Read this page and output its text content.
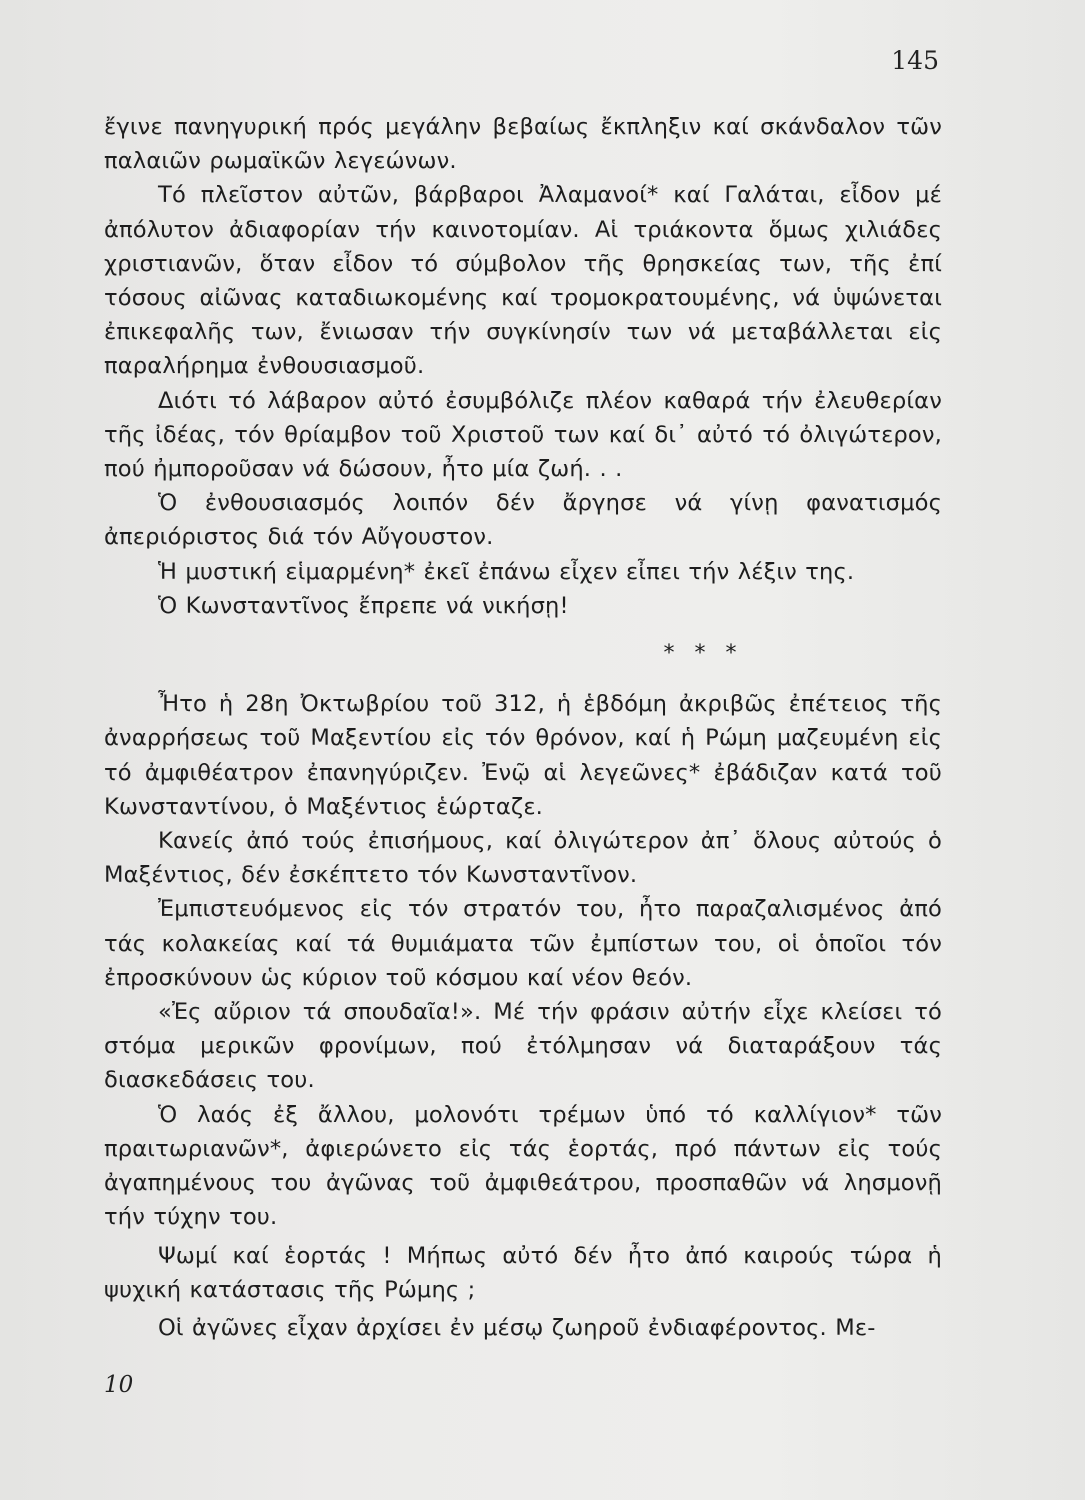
145

ἔγινε πανηγυρική πρός μεγάλην βεβαίως ἔκπληξιν καί σκάνδαλον τῶν παλαιῶν ρωμαϊκῶν λεγεώνων.

Τό πλεῖστον αὐτῶν, βάρβαροι Ἀλαμανοί* καί Γαλάται, εἶδον μέ ἀπόλυτον ἀδιαφορίαν τήν καινοτομίαν. Αἱ τριάκοντα ὅμως χιλιάδες χριστιανῶν, ὅταν εἶδον τό σύμβολον τῆς θρησκείας των, τῆς ἐπί τόσους αἰῶνας καταδιωκομένης καί τρομοκρατουμένης, νά ὑψώνεται ἐπικεφαλῆς των, ἔνιωσαν τήν συγκίνησίν των νά μεταβάλλεται εἰς παραλήρημα ἐνθουσιασμοῦ.

Διότι τό λάβαρον αὐτό ἐσυμβόλιζε πλέον καθαρά τήν ἐλευθερίαν τῆς ἰδέας, τόν θρίαμβον τοῦ Χριστοῦ των καί δι᾽ αὐτό τό ὀλιγώτερον, πού ἠμποροῦσαν νά δώσουν, ἦτο μία ζωή. . .

Ὁ ἐνθουσιασμός λοιπόν δέν ἄργησε νά γίνῃ φανατισμός ἀπεριόριστος διά τόν Αὔγουστον.

Ἡ μυστική εἱμαρμένη* ἐκεῖ ἐπάνω εἶχεν εἶπει τήν λέξιν της.

Ὁ Κωνσταντῖνος ἔπρεπε νά νικήσῃ!

* * *

Ἦτο ἡ 28η Ὀκτωβρίου τοῦ 312, ἡ ἑβδόμη ἀκριβῶς ἐπέτειος τῆς ἀναρρήσεως τοῦ Μαξεντίου εἰς τόν θρόνον, καί ἡ Ρώμη μαζευμένη εἰς τό ἀμφιθέατρον ἐπανηγύριζεν. Ἐνῷ αἱ λεγεῶνες* ἐβάδιζαν κατά τοῦ Κωνσταντίνου, ὁ Μαξέντιος ἑώρταζε.

Κανείς ἀπό τούς ἐπισήμους, καί ὀλιγώτερον ἀπ᾽ ὅλους αὐτούς ὁ Μαξέντιος, δέν ἐσκέπτετο τόν Κωνσταντῖνον.

Ἐμπιστευόμενος εἰς τόν στρατόν του, ἦτο παραζαλισμένος ἀπό τάς κολακείας καί τά θυμιάματα τῶν ἐμπίστων του, οἱ ὁποῖοι τόν ἐπροσκύνουν ὡς κύριον τοῦ κόσμου καί νέον θεόν.

«Ἐς αὔριον τά σπουδαῖα!». Μέ τήν φράσιν αὐτήν εἶχε κλείσει τό στόμα μερικῶν φρονίμων, πού ἐτόλμησαν νά διαταράξουν τάς διασκεδάσεις του.

Ὁ λαός ἐξ ἄλλου, μολονότι τρέμων ὑπό τό καλλίγιον* τῶν πραιτωριανῶν*, ἀφιερώνετο εἰς τάς ἑορτάς, πρό πάντων εἰς τούς ἀγαπημένους του ἀγῶνας τοῦ ἀμφιθεάτρου, προσπαθῶν νά λησμονῇ τήν τύχην του.

Ψωμί καί ἑορτάς ! Μήπως αὐτό δέν ἦτο ἀπό καιρούς τώρα ἡ ψυχική κατάστασις τῆς Ρώμης ;

Οἱ ἀγῶνες εἶχαν ἀρχίσει ἐν μέσῳ ζωηροῦ ἐνδιαφέροντος. Με-

10
